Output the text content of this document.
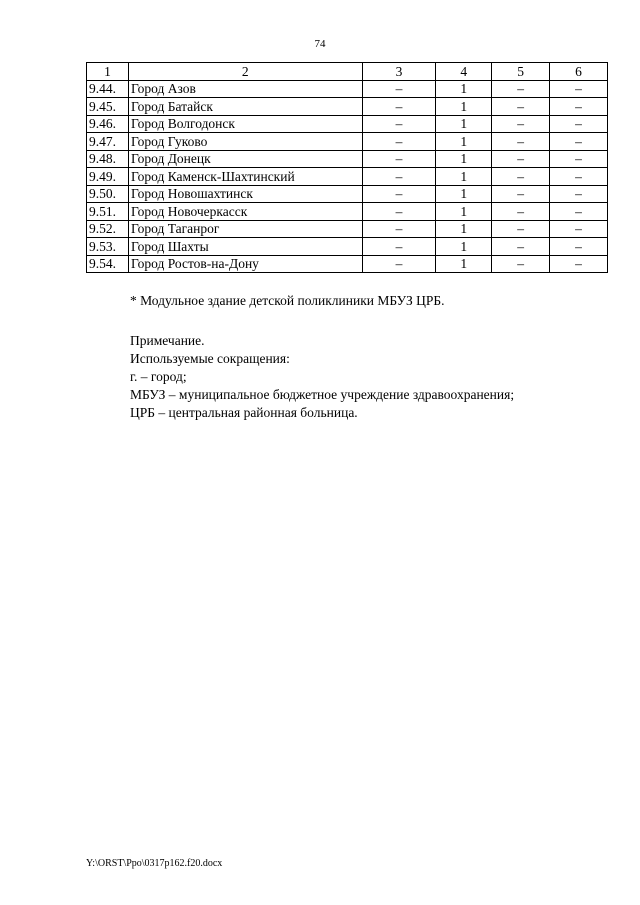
74
1	2	3	4	5	6
9.44.	Город Азов	–	1	–	–
9.45.	Город Батайск	–	1	–	–
9.46.	Город Волгодонск	–	1	–	–
9.47.	Город Гуково	–	1	–	–
9.48.	Город Донецк	–	1	–	–
9.49.	Город Каменск-Шахтинский	–	1	–	–
9.50.	Город Новошахтинск	–	1	–	–
9.51.	Город Новочеркасск	–	1	–	–
9.52.	Город Таганрог	–	1	–	–
9.53.	Город Шахты	–	1	–	–
9.54.	Город Ростов-на-Дону	–	1	–	–

* Модульное здание детской поликлиники МБУЗ ЦРБ.

Примечание.
Используемые сокращения:
г. – город;
МБУЗ – муниципальное бюджетное учреждение здравоохранения;
ЦРБ – центральная районная больница.
Y:\ORST\Ppo\0317p162.f20.docx
